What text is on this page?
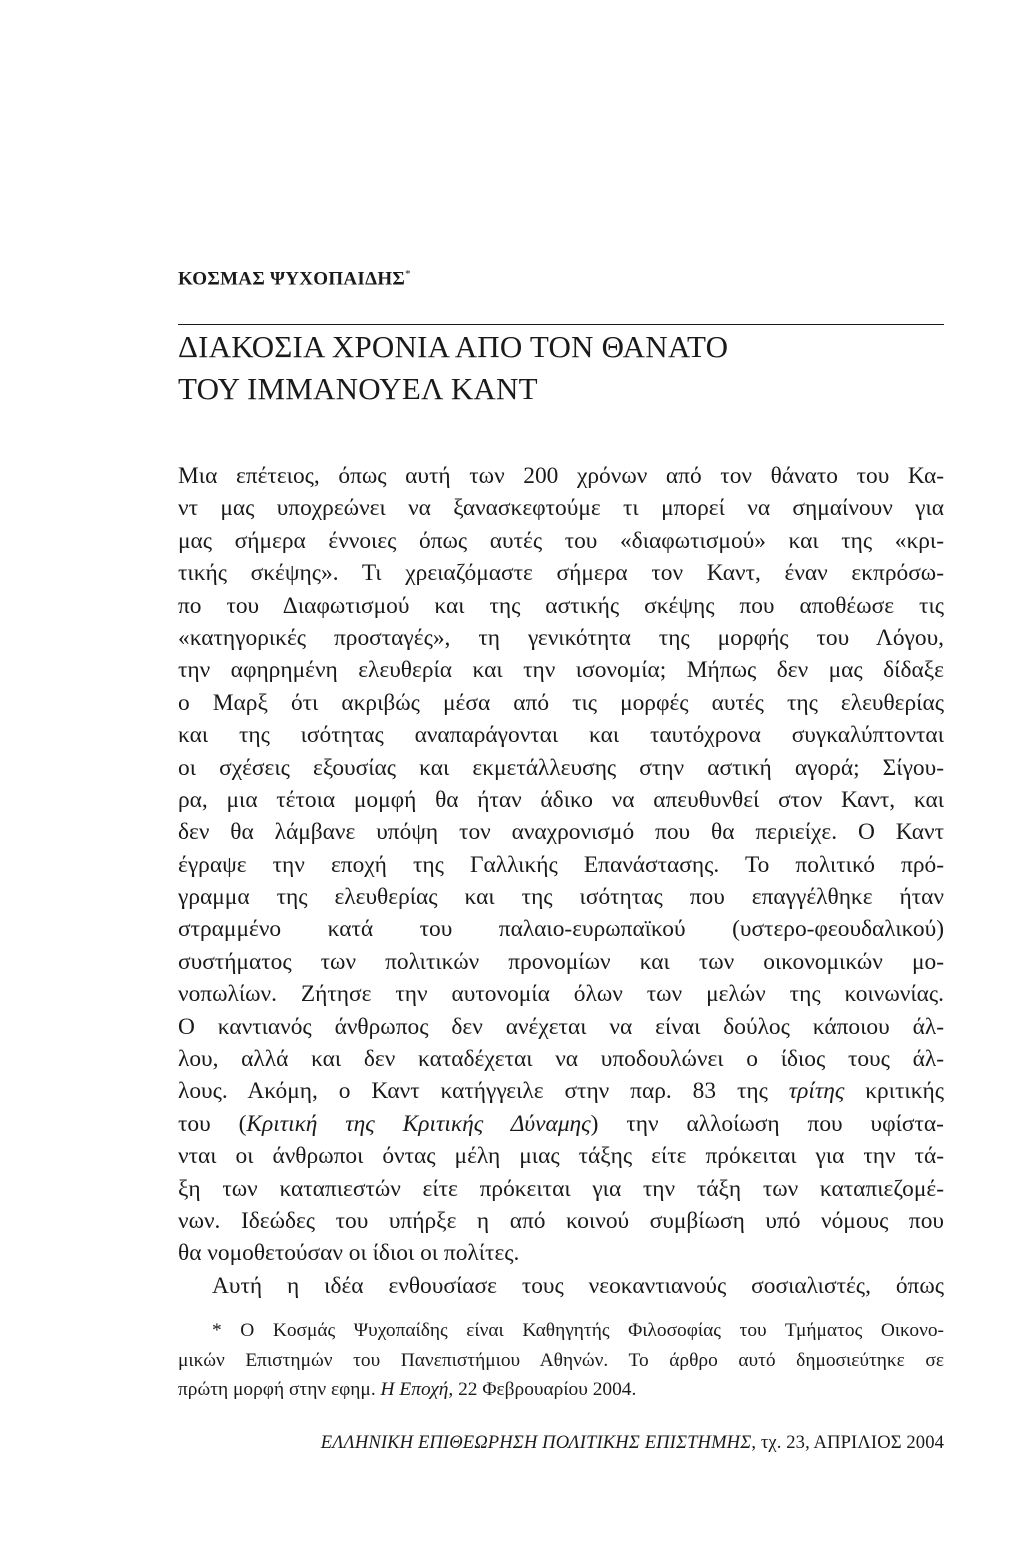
ΚΟΣΜΑΣ ΨΥΧΟΠΑΙΔΗΣ*
ΔΙΑΚΟΣΙΑ ΧΡΟΝΙΑ ΑΠΟ ΤΟΝ ΘΑΝΑΤΟ
ΤΟΥ ΙΜΜΑΝΟΥΕΛ ΚΑΝΤ

Μια επέτειος, όπως αυτή των 200 χρόνων από τον θάνατο του Κα-
ντ μας υποχρεώνει να ξανασκεφτούμε τι μπορεί να σημαίνουν για
μας σήμερα έννοιες όπως αυτές του «διαφωτισμού» και της «κρι-
τικής σκέψης». Τι χρειαζόμαστε σήμερα τον Καντ, έναν εκπρόσω-
πο του Διαφωτισμού και της αστικής σκέψης που αποθέωσε τις
«κατηγορικές προσταγές», τη γενικότητα της μορφής του Λόγου,
την αφηρημένη ελευθερία και την ισονομία; Μήπως δεν μας δίδαξε
ο Μαρξ ότι ακριβώς μέσα από τις μορφές αυτές της ελευθερίας
και της ισότητας αναπαράγονται και ταυτόχρονα συγκαλύπτονται
οι σχέσεις εξουσίας και εκμετάλλευσης στην αστική αγορά; Σίγου-
ρα, μια τέτοια μομφή θα ήταν άδικο να απευθυνθεί στον Καντ, και
δεν θα λάμβανε υπόψη τον αναχρονισμό που θα περιείχε. Ο Καντ
έγραψε την εποχή της Γαλλικής Επανάστασης. Το πολιτικό πρό-
γραμμα της ελευθερίας και της ισότητας που επαγγέλθηκε ήταν
στραμμένο κατά του παλαιο-ευρωπαϊκού (υστερο-φεουδαλικού)
συστήματος των πολιτικών προνομίων και των οικονομικών μο-
νοπωλίων. Ζήτησε την αυτονομία όλων των μελών της κοινωνίας.
Ο καντιανός άνθρωπος δεν ανέχεται να είναι δούλος κάποιου άλ-
λου, αλλά και δεν καταδέχεται να υποδουλώνει ο ίδιος τους άλ-
λους. Ακόμη, ο Καντ κατήγγειλε στην παρ. 83 της τρίτης κριτικής
του (Κριτική της Κριτικής Δύναμης) την αλλοίωση που υφίστα-
νται οι άνθρωποι όντας μέλη μιας τάξης είτε πρόκειται για την τά-
ξη των καταπιεστών είτε πρόκειται για την τάξη των καταπιεζομέ-
νων. Ιδεώδες του υπήρξε η από κοινού συμβίωση υπό νόμους που
θα νομοθετούσαν οι ίδιοι οι πολίτες.

Αυτή η ιδέα ενθουσίασε τους νεοκαντιανούς σοσιαλιστές, όπως

* Ο Κοσμάς Ψυχοπαίδης είναι Καθηγητής Φιλοσοφίας του Τμήματος Οικονο-
μικών Επιστημών του Πανεπιστήμιου Αθηνών. Το άρθρο αυτό δημοσιεύτηκε σε
πρώτη μορφή στην εφημ. Η Εποχή, 22 Φεβρουαρίου 2004.
ΕΛΛΗΝΙΚΗ ΕΠΙΘΕΩΡΗΣΗ ΠΟΛΙΤΙΚΗΣ ΕΠΙΣΤΗΜΗΣ, τχ. 23, ΑΠΡΙΛΙΟΣ 2004
